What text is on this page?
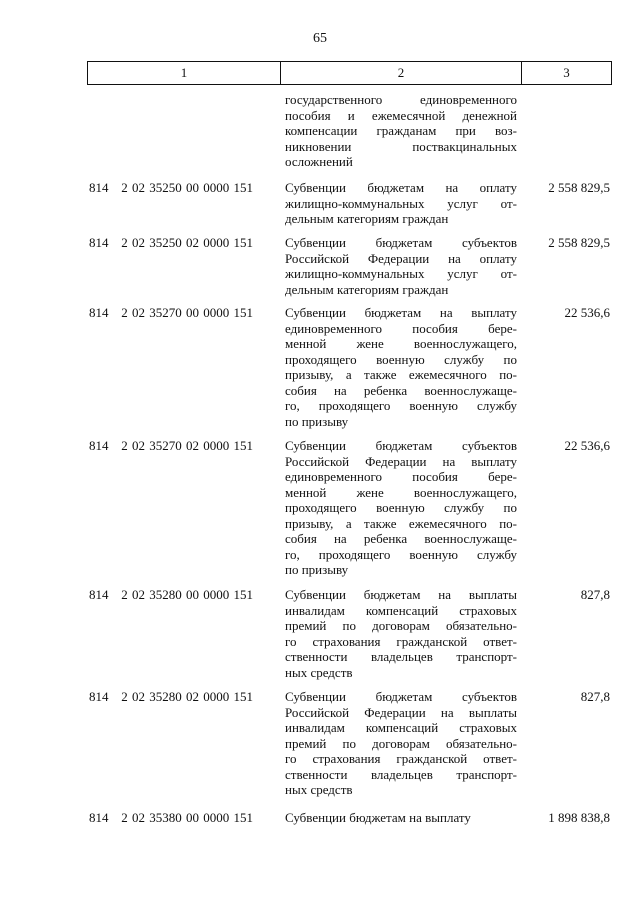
65
1	2	3
государственного единовременного
пособия и ежемесячной денежной
компенсации гражданам при воз-
никновении поствакцинальных
осложнений
814   2 02 35250 00 0000 151 Субвенции бюджетам на оплату
жилищно-коммунальных услуг от-
дельным категориям граждан
2 558 829,5
814   2 02 35250 02 0000 151 Субвенции бюджетам субъектов
Российской Федерации на оплату
жилищно-коммунальных услуг от-
дельным категориям граждан
2 558 829,5
814   2 02 35270 00 0000 151 Субвенции бюджетам на выплату
единовременного пособия бере-
менной жене военнослужащего,
проходящего военную службу по
призыву, а также ежемесячного по-
собия на ребенка военнослужаще-
го, проходящего военную службу
по призыву
22 536,6
814   2 02 35270 02 0000 151 Субвенции бюджетам субъектов
Российской Федерации на выплату
единовременного пособия бере-
менной жене военнослужащего,
проходящего военную службу по
призыву, а также ежемесячного по-
собия на ребенка военнослужаще-
го, проходящего военную службу
по призыву
22 536,6
814   2 02 35280 00 0000 151 Субвенции бюджетам на выплаты
инвалидам компенсаций страховых
премий по договорам обязательно-
го страхования гражданской ответ-
ственности владельцев транспорт-
ных средств
827,8
814   2 02 35280 02 0000 151 Субвенции бюджетам субъектов
Российской Федерации на выплаты
инвалидам компенсаций страховых
премий по договорам обязательно-
го страхования гражданской ответ-
ственности владельцев транспорт-
ных средств
827,8
814   2 02 35380 00 0000 151 Субвенции бюджетам на выплату	1 898 838,8
